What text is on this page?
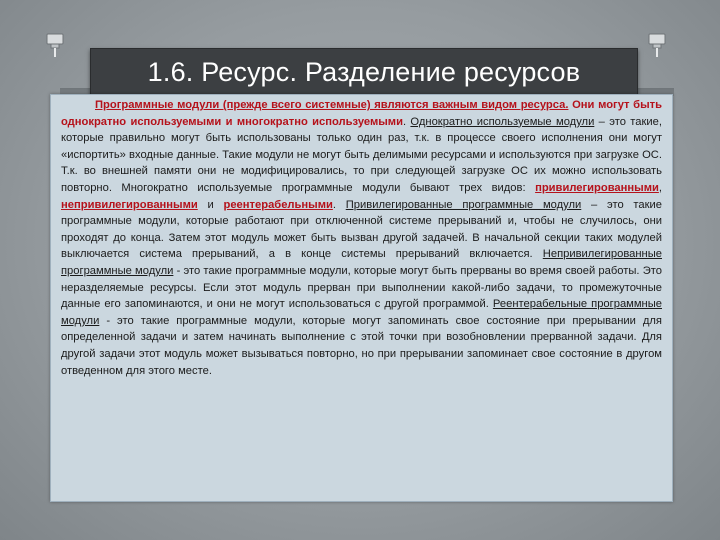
1.6. Ресурс. Разделение ресурсов

Программные модули (прежде всего системные) являются важным видом ресурса. Они могут быть однократно используемыми и многократно используемыми. Однократно используемые модули – это такие, которые правильно могут быть использованы только один раз, т.к. в процессе своего исполнения они могут «испортить» входные данные. Такие модули не могут быть делимыми ресурсами и используются при загрузке ОС. Т.к. во внешней памяти они не модифицировались, то при следующей загрузке ОС их можно использовать повторно. Многократно используемые программные модули бывают трех видов: привилегированными, непривилегированными и реентерабельными. Привилегированные программные модули – это такие программные модули, которые работают при отключенной системе прерываний и, чтобы не случилось, они проходят до конца. Затем этот модуль может быть вызван другой задачей. В начальной секции таких модулей выключается система прерываний, а в конце системы прерываний включается. Непривилегированные программные модули - это такие программные модули, которые могут быть прерваны во время своей работы. Это неразделяемые ресурсы. Если этот модуль прерван при выполнении какой-либо задачи, то промежуточные данные его запоминаются, и они не могут использоваться с другой программой. Реентерабельные программные модули - это такие программные модули, которые могут запоминать свое состояние при прерывании для определенной задачи и затем начинать выполнение с этой точки при возобновлении прерванной задачи. Для другой задачи этот модуль может вызываться повторно, но при прерывании запоминает свое состояние в другом отведенном для этого месте.
